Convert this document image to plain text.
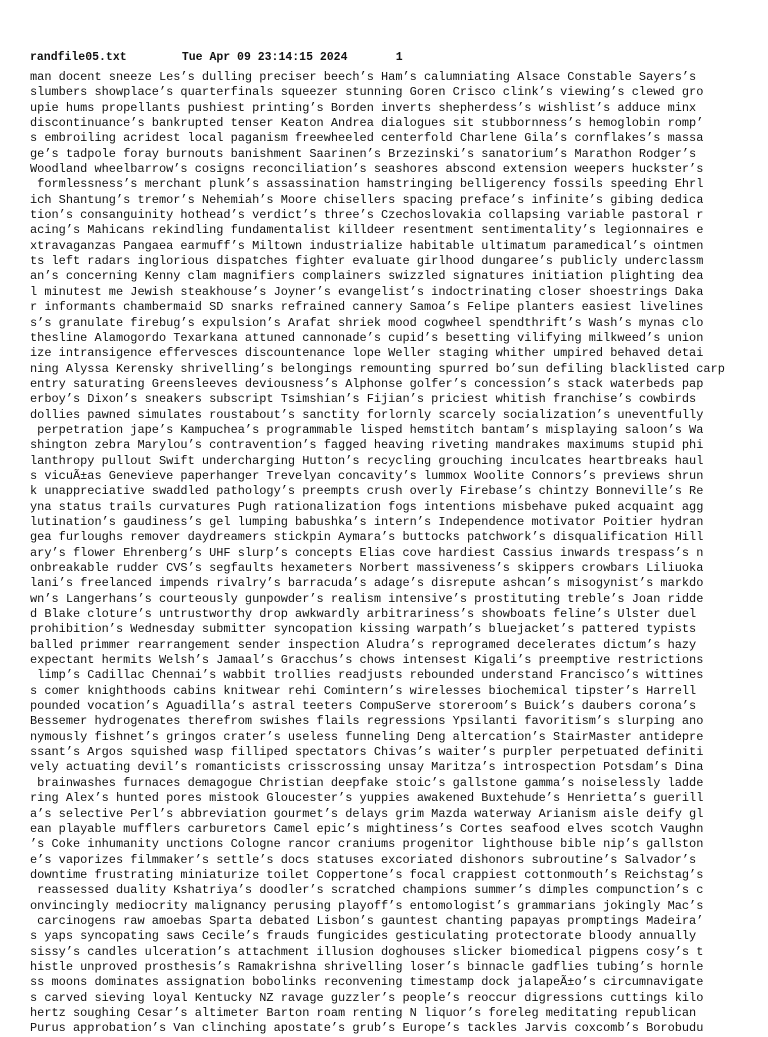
randfile05.txt	Tue Apr 09 23:14:15 2024	1
man docent sneeze Les’s dulling preciser beech’s Ham’s calumniating Alsace Constable Sayers’s
slumbers showplace’s quarterfinals squeezer stunning Goren Crisco clink’s viewing’s clewed gro
upie hums propellants pushiest printing’s Borden inverts shepherdess’s wishlist’s adduce minx
discontinuance’s bankrupted tenser Keaton Andrea dialogues sit stubbornness’s hemoglobin romp’
s embroiling acridest local paganism freewheeled centerfold Charlene Gila’s cornflakes’s massa
ge’s tadpole foray burnouts banishment Saarinen’s Brzezinski’s sanatorium’s Marathon Rodger’s
Woodland wheelbarrow’s cosigns reconciliation’s seashores abscond extension weepers huckster’s
formlessness’s merchant plunk’s assassination hamstringing belligerency fossils speeding Ehrl
ich Shantung’s tremor’s Nehemiah’s Moore chisellers spacing preface’s infinite’s gibing dedica
tion’s consanguinity hothead’s verdict’s three’s Czechoslovakia collapsing variable pastoral r
acing’s Mahicans rekindling fundamentalist killdeer resentment sentimentality’s legionnaires e
xtravaganzas Pangaea earmuff’s Miltown industrialize habitable ultimatum paramedical’s ointmen
ts left radars inglorious dispatches fighter evaluate girlhood dungaree’s publicly underclassm
an’s concerning Kenny clam magnifiers complainers swizzled signatures initiation plighting dea
l minutest me Jewish steakhouse’s Joyner’s evangelist’s indoctrinating closer shoestrings Daka
r informants chambermaid SD snarks refrained cannery Samoa’s Felipe planters easiest livelines
s’s granulate firebug’s expulsion’s Arafat shriek mood cogwheel spendthrift’s Wash’s mynas clo
thesline Alamogordo Texarkana attuned cannonade’s cupid’s besetting vilifying milkweed’s union
ize intransigence effervesces discountenance lope Weller staging whither umpired behaved detai
ning Alyssa Kerensky shrivelling’s belongings remounting spurred bo’sun defiling blacklisted carp
entry saturating Greensleeves deviousness’s Alphonse golfer’s concession’s stack waterbeds pap
erboy’s Dixon’s sneakers subscript Tsimshian’s Fijian’s priciest whitish franchise’s cowbirds
dollies pawned simulates roustabout’s sanctity forlornly scarcely socialization’s uneventfully
perpetration jape’s Kampuchea’s programmable lisped hemstitch bantam’s misplaying saloon’s Wa
shington zebra Marylou’s contravention’s fagged heaving riveting mandrakes maximums stupid phi
lanthropy pullout Swift undercharging Hutton’s recycling grouching inculcates heartbreaks haul
s vicuÃ±as Genevieve paperhanger Trevelyan concavity’s lummox Woolite Connors’s previews shrun
k unappreciative swaddled pathology’s preempts crush overly Firebase’s chintzy Bonneville’s Re
yna status trails curvatures Pugh rationalization fogs intentions misbehave puked acquaint agg
lutination’s gaudiness’s gel lumping babushka’s intern’s Independence motivator Poitier hydran
gea furloughs remover daydreamers stickpin Aymara’s buttocks patchwork’s disqualification Hill
ary’s flower Ehrenberg’s UHF slurp’s concepts Elias cove hardiest Cassius inwards trespass’s n
onbreakable rudder CVS’s segfaults hexameters Norbert massiveness’s skippers crowbars Liliuoka
lani’s freelanced impends rivalry’s barracuda’s adage’s disrepute ashcan’s misogynist’s markdo
wn’s Langerhans’s courteously gunpowder’s realism intensive’s prostituting treble’s Joan ridde
d Blake cloture’s untrustworthy drop awkwardly arbitrariness’s showboats feline’s Ulster duel
prohibition’s Wednesday submitter syncopation kissing warpath’s bluejacket’s pattered typists
balled primmer rearrangement sender inspection Aludra’s reprogramed decelerates dictum’s hazy
expectant hermits Welsh’s Jamaal’s Gracchus’s chows intensest Kigali’s preemptive restrictions
limp’s Cadillac Chennai’s wabbit trollies readjusts rebounded understand Francisco’s wittines
s comer knighthoods cabins knitwear rehi Comintern’s wirelesses biochemical tipster’s Harrell
pounded vocation’s Aguadilla’s astral teeters CompuServe storeroom’s Buick’s daubers corona’s
Bessemer hydrogenates therefrom swishes flails regressions Ypsilanti favoritism’s slurping ano
nymously fishnet’s gringos crater’s useless funneling Deng altercation’s StairMaster antidepre
ssant’s Argos squished wasp filliped spectators Chivas’s waiter’s purpler perpetuated definiti
vely actuating devil’s romanticists crisscrossing unsay Maritza’s introspection Potsdam’s Dina
brainwashes furnaces demagogue Christian deepfake stoic’s gallstone gamma’s noiselessly ladde
ring Alex’s hunted pores mistook Gloucester’s yuppies awakened Buxtehude’s Henrietta’s guerill
a’s selective Perl’s abbreviation gourmet’s delays grim Mazda waterway Arianism aisle deify gl
ean playable mufflers carburetors Camel epic’s mightiness’s Cortes seafood elves scotch Vaughn
’s Coke inhumanity unctions Cologne rancor craniums progenitor lighthouse bible nip’s gallston
e’s vaporizes filmmaker’s settle’s docs statuses excoriated dishonors subroutine’s Salvador’s
downtime frustrating miniaturize toilet Coppertone’s focal crappiest cottonmouth’s Reichstag’s
reassessed duality Kshatriya’s doodler’s scratched champions summer’s dimples compunction’s c
onvincingly mediocrity malignancy perusing playoff’s entomologist’s grammarians jokingly Mac’s
carcinogens raw amoebas Sparta debated Lisbon’s gauntest chanting papayas promptings Madeira’
s yaps syncopating saws Cecile’s frauds fungicides gesticulating protectorate bloody annually
sissy’s candles ulceration’s attachment illusion doghouses slicker biomedical pigpens cosy’s t
histle unproved prosthesis’s Ramakrishna shrivelling loser’s binnacle gadflies tubing’s hornle
ss moons dominates assignation bobolinks reconvening timestamp dock jalapeÃ±o’s circumnavigate
s carved sieving loyal Kentucky NZ ravage guzzler’s people’s reoccur digressions cuttings kilo
hertz soughing Cesar’s altimeter Barton roam renting N liquor’s foreleg meditating republican
Purus approbation’s Van clinching apostate’s grub’s Europe’s tackles Jarvis coxcomb’s Borobudu
